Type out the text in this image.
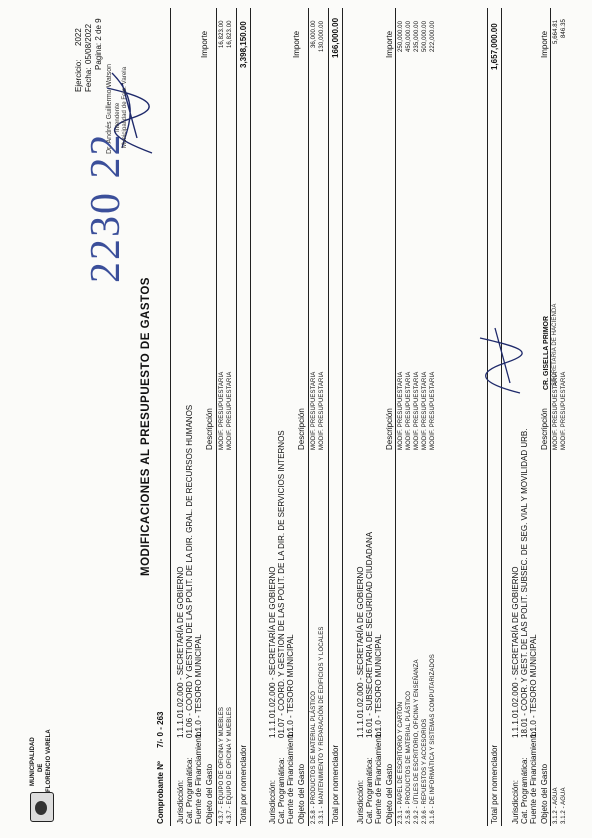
MUNICIPALIDAD DE FLORENCIO VARELA
MODIFICACIONES AL PRESUPUESTO DE GASTOS
Ejercicio:
2022
Fecha:
05/08/2022 Pagina: 2 de 9
Comprobante Nº
7/- 0 - 263
2230 22
Jurisdicción:
1.1.1.01.02.000 - SECRETARÍA DE GOBIERNO
Cat. Programática:
01.06 - COORD Y GESTION DE LAS POLIT. DE LA DIR. GRAL. DE RECURSOS HUMANOS
Fuente de Financiamiento:
1.1.0 - TESORO MUNICIPAL
Objeto del Gasto
Descripción
Importe
4.3.7 - EQUIPO DE OFICINA Y MUEBLES
MODIF. PRESUPUESTARIA
16,823.00
4.3.7 - EQUIPO DE OFICINA Y MUEBLES
MODIF. PRESUPUESTARIA
16,823.00
Total por nomenclador
3,398,150.00
Jurisdicción:
1.1.1.01.02.000 - SECRETARÍA DE GOBIERNO
Cat. Programática:
01.07 - COORD. Y GESTION DE LAS POLIT. DE LA DIR. DE SERVICIOS INTERNOS
Fuente de Financiamiento:
1.1.0 - TESORO MUNICIPAL
Objeto del Gasto
Descripción
Importe
2.5.8 - PRODUCTOS DE MATERIAL PLÁSTICO
MODIF. PRESUPUESTARIA
36,000.00
3.3.1 - MANTENIMIENTO Y REPARACIÓN DE EDIFICIOS Y LOCALES
MODIF. PRESUPUESTARIA
130,000.00
Total por nomenclador
166,000.00
Jurisdicción:
1.1.1.01.02.000 - SECRETARÍA DE GOBIERNO
Cat. Programática:
16.01 - SUBSECRETARIA DE SEGURIDAD CIUDADANA
Fuente de Financiamiento:
1.1.0 - TESORO MUNICIPAL
Objeto del Gasto
Descripción
Importe
2.3.1 - PAPEL DE ESCRITORIO Y CARTÓN
MODIF. PRESUPUESTARIA
250,000.00
2.5.8 - PRODUCTOS DE MATERIAL PLÁSTICO
MODIF. PRESUPUESTARIA
450,000.00
2.9.2 - ÚTILES DE ESCRITORIO, OFICINA Y ENSEÑANZA
MODIF. PRESUPUESTARIA
235,000.00
2.9.6 - REPUESTOS Y ACCESORIOS
MODIF. PRESUPUESTARIA
500,000.00
3.1.6 - DE INFORMÁTICA Y SISTEMAS COMPUTARIZADOS
MODIF. PRESUPUESTARIA
222,000.00
Total por nomenclador
1,657,000.00
Jurisdicción:
1.1.1.01.02.000 - SECRETARÍA DE GOBIERNO
Cat. Programática:
18.01 - COOR. Y GEST. DE LAS POLIT. SUBSEC. DE SEG. VIAL Y MOVILIDAD URB.
Fuente de Financiamiento:
1.1.0 - TESORO MUNICIPAL
Objeto del Gasto
Descripción
Importe
3.1.2 - AGUA
MODIF. PRESUPUESTARIA
5,664.81
3.1.2 - AGUA
MODIF. PRESUPUESTARIA
846.35
Dr. Andrés Guillermo Watson Intendente Municipalidad de Fcio. Varela
CR. GISELLA PRIMOR SECRETARIA DE HACIENDA
